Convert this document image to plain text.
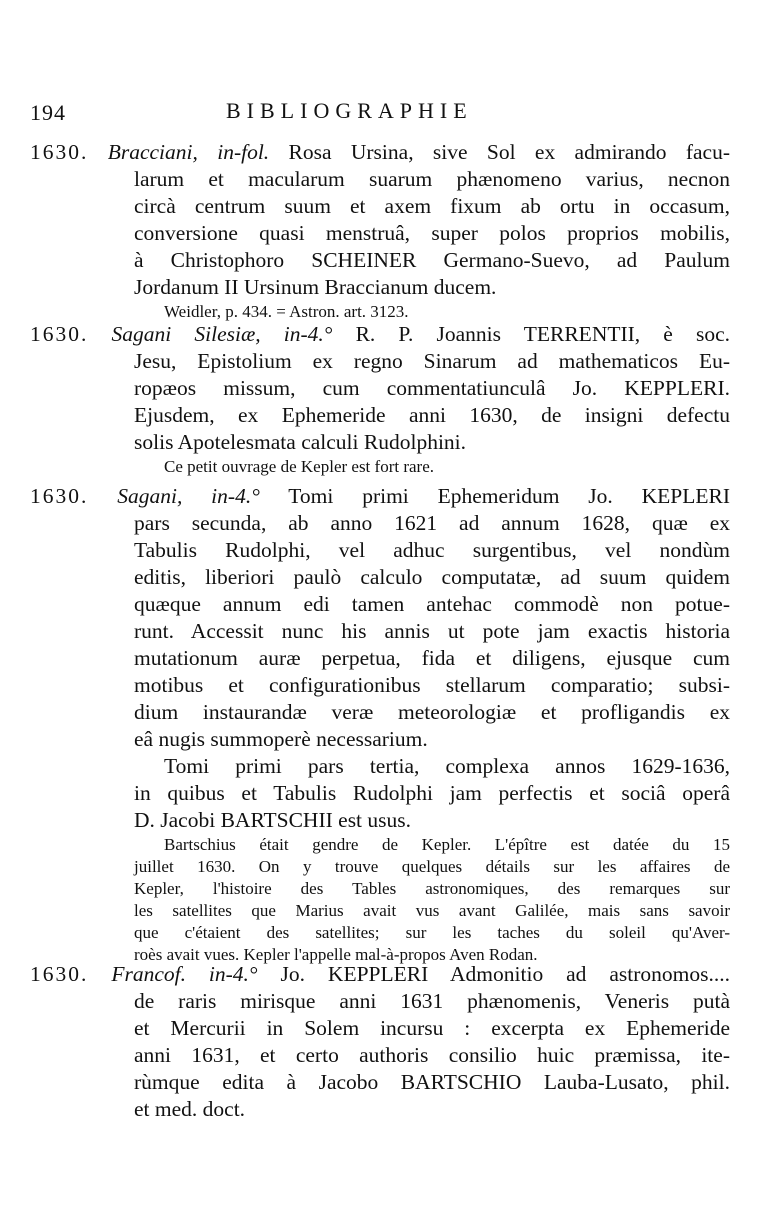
194	BIBLIOGRAPHIE
1630. Bracciani, in-fol. Rosa Ursina, sive Sol ex admirando facu-
larum et macularum suarum phænomeno varius, necnon
circà centrum suum et axem fixum ab ortu in occasum,
conversione quasi menstruâ, super polos proprios mobilis,
à Christophoro SCHEINER Germano-Suevo, ad Paulum
Jordanum II Ursinum Braccianum ducem.
Weidler, p. 434. = Astron. art. 3123.
1630. Sagani Silesiæ, in-4.° R. P. Joannis TERRENTII, è soc.
Jesu, Epistolium ex regno Sinarum ad mathematicos Eu-
ropæos missum, cum commentatiunculâ Jo. KEPPLERI.
Ejusdem, ex Ephemeride anni 1630, de insigni defectu
solis Apotelesmata calculi Rudolphini.
Ce petit ouvrage de Kepler est fort rare.
1630. Sagani, in-4.° Tomi primi Ephemeridum Jo. KEPLERI
pars secunda, ab anno 1621 ad annum 1628, quæ ex
Tabulis Rudolphi, vel adhuc surgentibus, vel nondùm
editis, liberiori paulò calculo computatæ, ad suum quidem
quæque annum edi tamen antehac commodè non potue-
runt. Accessit nunc his annis ut pote jam exactis historia
mutationum auræ perpetua, fida et diligens, ejusque cum
motibus et configurationibus stellarum comparatio; subsi-
dium instaurandæ veræ meteorologiæ et profligandis ex
eâ nugis summoperè necessarium.
Tomi primi pars tertia, complexa annos 1629-1636,
in quibus et Tabulis Rudolphi jam perfectis et sociâ operâ
D. Jacobi BARTSCHII est usus.
Bartschius était gendre de Kepler. L'épître est datée du 15
juillet 1630. On y trouve quelques détails sur les affaires de
Kepler, l'histoire des Tables astronomiques, des remarques sur
les satellites que Marius avait vus avant Galilée, mais sans savoir
que c'étaient des satellites; sur les taches du soleil qu'Aver-
roès avait vues. Kepler l'appelle mal-à-propos Aven Rodan.
1630. Francof. in-4.° Jo. KEPPLERI Admonitio ad astronomos....
de raris mirisque anni 1631 phænomenis, Veneris putà
et Mercurii in Solem incursu : excerpta ex Ephemeride
anni 1631, et certo authoris consilio huic præmissa, ite-
rùmque edita à Jacobo BARTSCHIO Lauba-Lusato, phil.
et med. doct.
